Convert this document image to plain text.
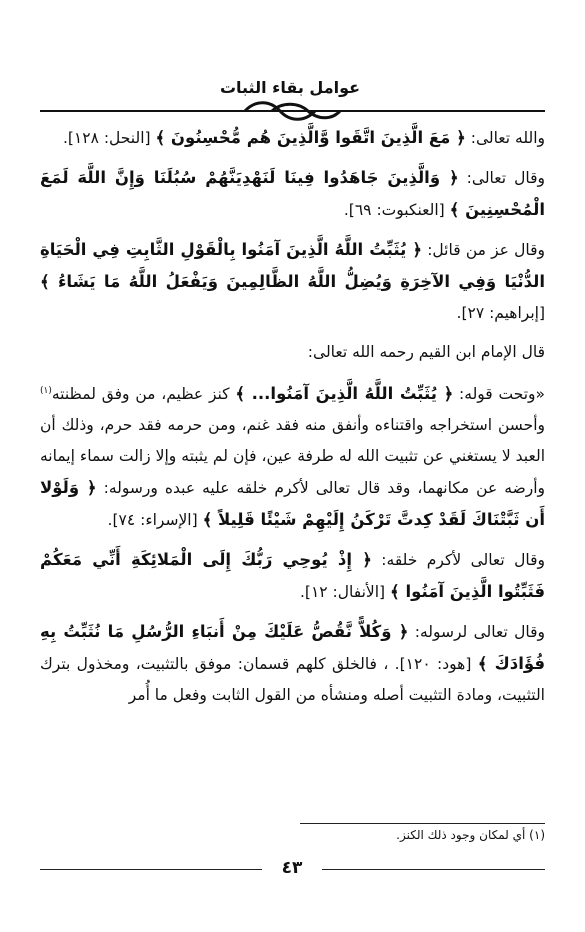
عوامل بقاء الثبات

والله تعالى: ﴿ مَعَ الَّذِينَ اتَّقَوا وَّالَّذِينَ هُم مُّحْسِنُونَ ﴾ [النحل: ١٢٨].

وقال تعالى: ﴿ وَالَّذِينَ جَاهَدُوا فِينَا لَنَهْدِيَنَّهُمْ سُبُلَنَا وَإِنَّ اللَّهَ لَمَعَ الْمُحْسِنِينَ ﴾ [العنكبوت: ٦٩].

وقال عز من قائل: ﴿ يُثَبِّتُ اللَّهُ الَّذِينَ آمَنُوا بِالْقَوْلِ الثَّابِتِ فِي الْحَيَاةِ الدُّنْيَا وَفِي الآخِرَةِ وَيُضِلُّ اللَّهُ الظَّالِمِينَ وَيَفْعَلُ اللَّهُ مَا يَشَاءُ ﴾ [إبراهيم: ٢٧].

قال الإمام ابن القيم رحمه الله تعالى:

«وتحت قوله: ﴿ يُثَبِّتُ اللَّهُ الَّذِينَ آمَنُوا... ﴾ كنز عظيم، من وفق لمظنته$^{(١)}$ وأحسن استخراجه واقتناءه وأنفق منه فقد غنم، ومن حرمه فقد حرم، وذلك أن العبد لا يستغني عن تثبيت الله له طرفة عين، فإن لم يثبته وإلا زالت سماء إيمانه وأرضه عن مكانهما، وقد قال تعالى لأكرم خلقه عليه عبده ورسوله: ﴿ وَلَوْلا أَن ثَبَّتْنَاكَ لَقَدْ كِدتَّ تَرْكَنُ إِلَيْهِمْ شَيْئًا قَلِيلاً ﴾ [الإسراء: ٧٤].

وقال تعالى لأكرم خلقه: ﴿ إِذْ يُوحِي رَبُّكَ إِلَى الْمَلائِكَةِ أَنِّي مَعَكُمْ فَثَبِّتُوا الَّذِينَ آمَنُوا ﴾ [الأنفال: ١٢].

وقال تعالى لرسوله: ﴿ وَكُلاًّ نَّقُصُّ عَلَيْكَ مِنْ أَنبَاءِ الرُّسُلِ مَا نُثَبِّتُ بِهِ فُؤَادَكَ ﴾ [هود: ١٢٠]. ، فالخلق كلهم قسمان: موفق بالتثبيت، ومخذول بترك التثبيت، ومادة التثبيت أصله ومنشأه من القول الثابت وفعل ما أُمر

(١) أي لمكان وجود ذلك الكنز.
٤٣
